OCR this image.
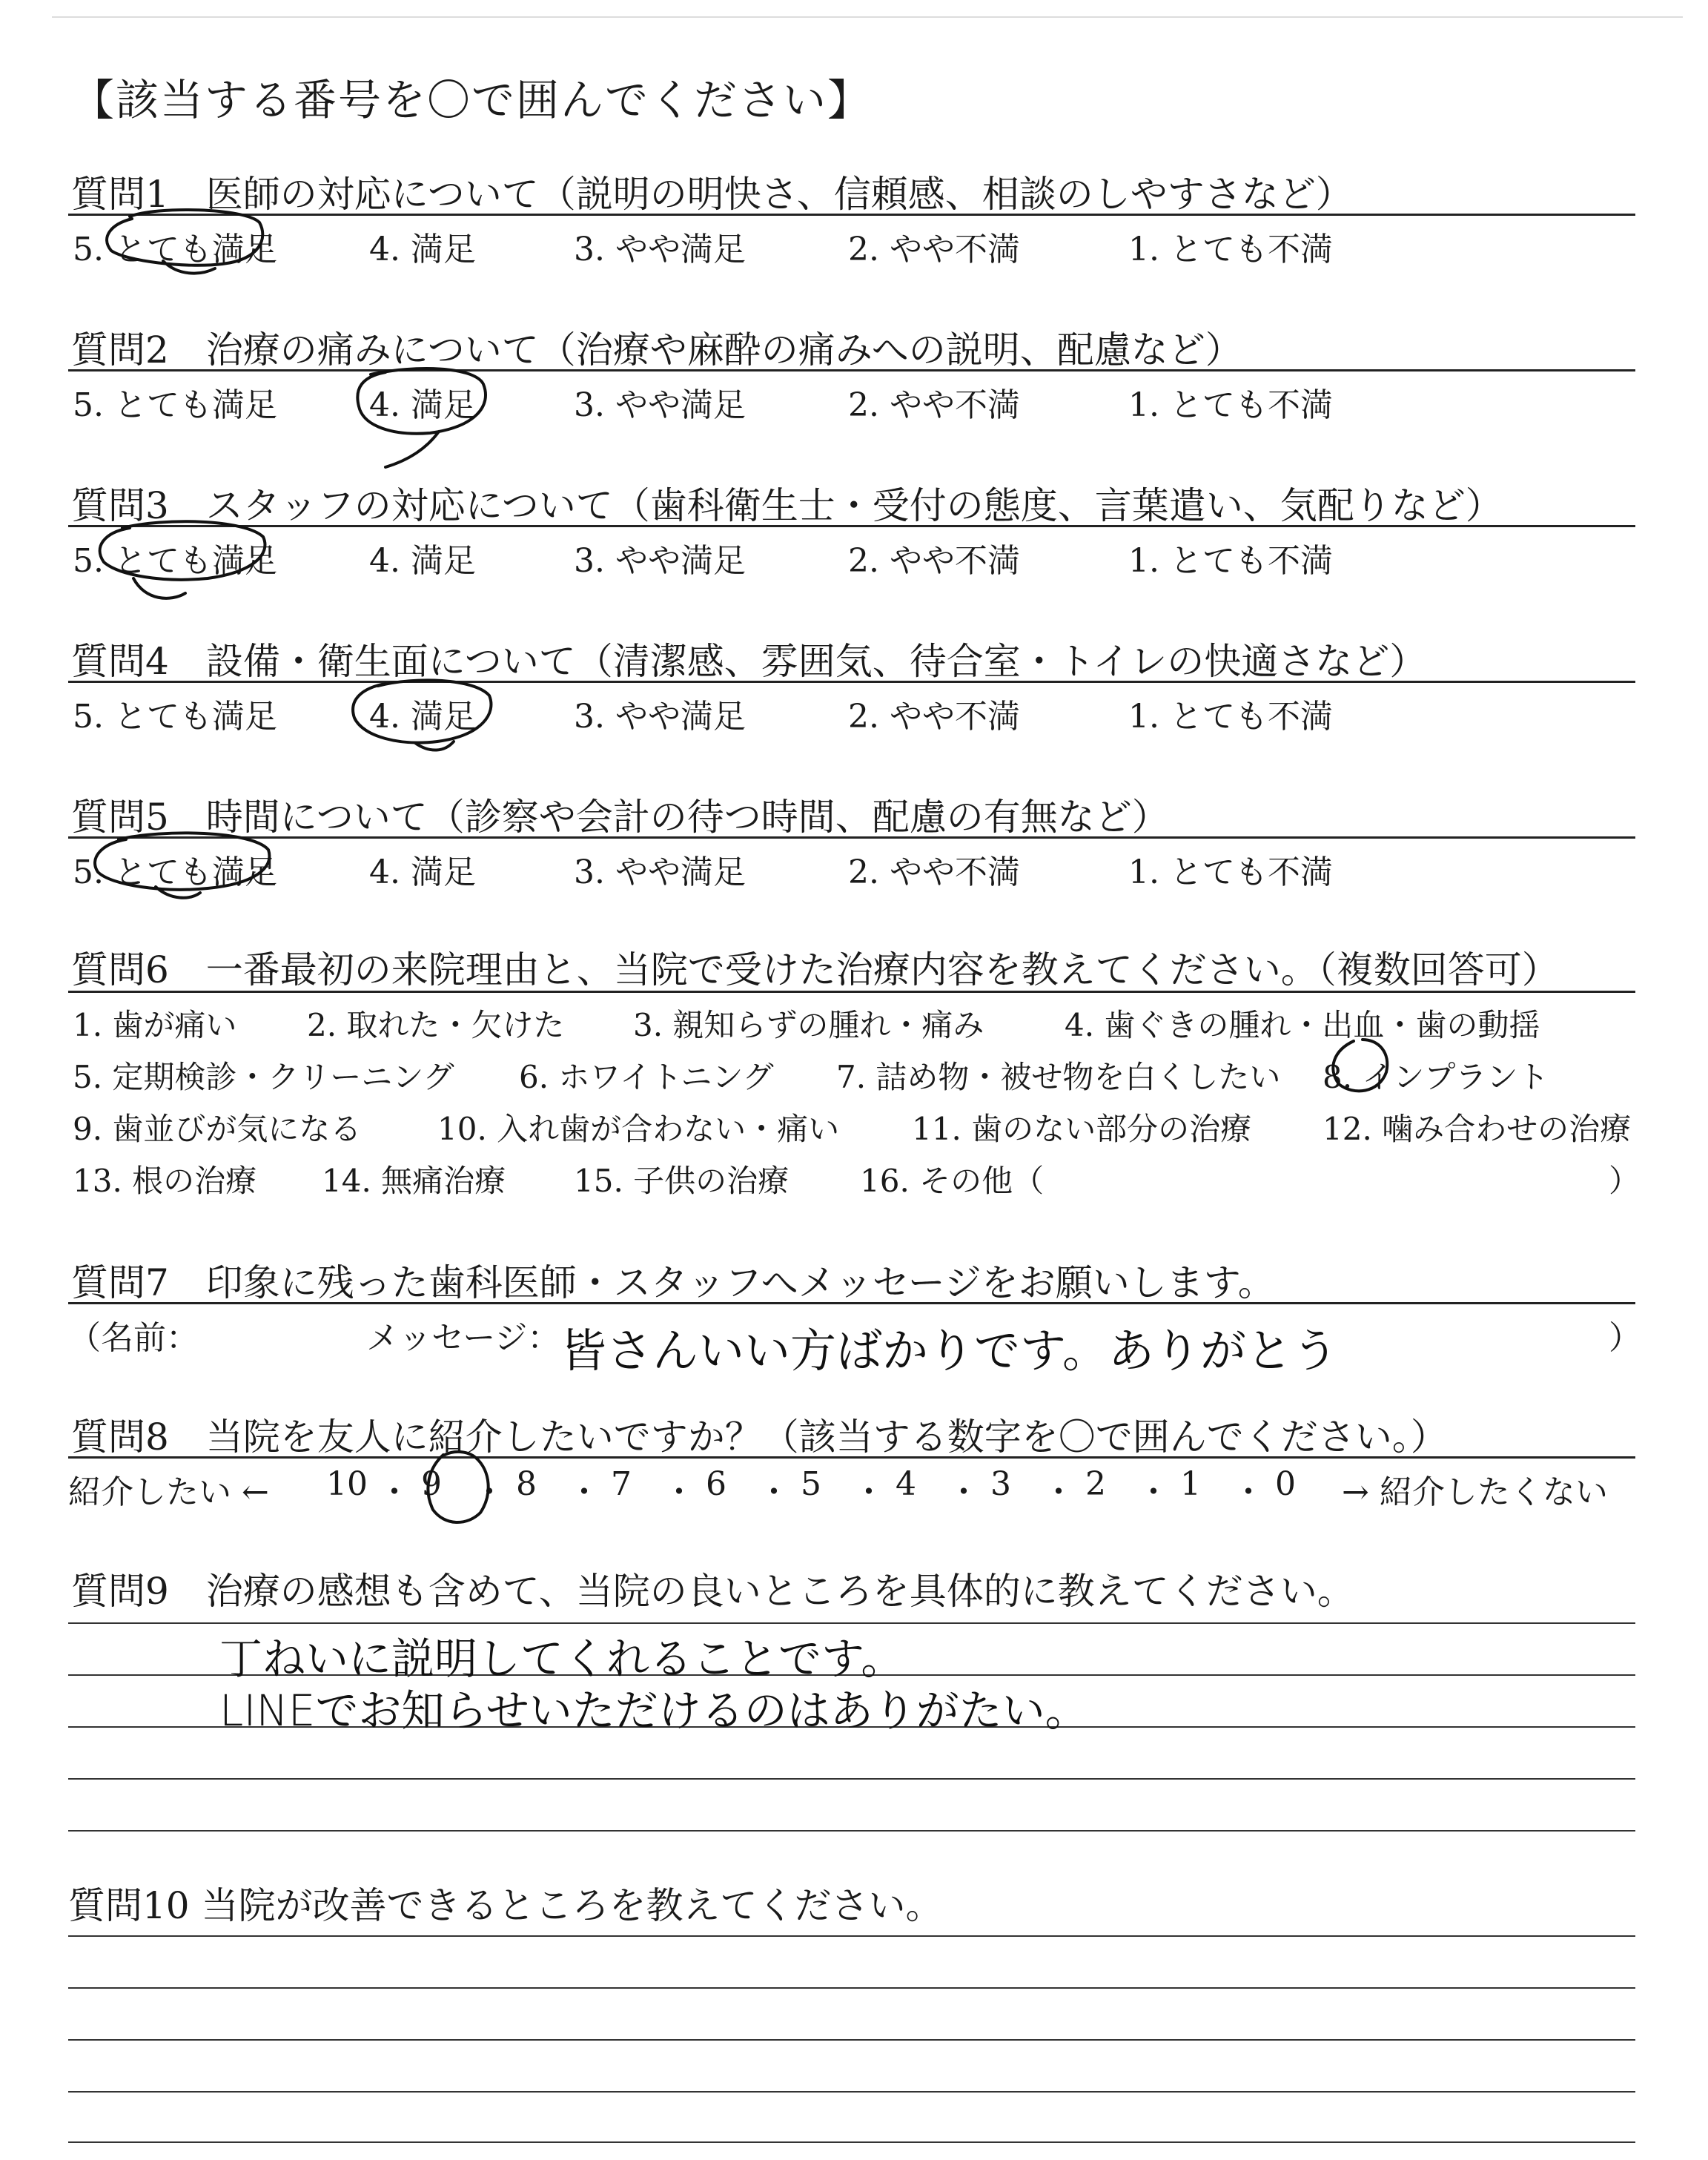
【該当する番号を〇で囲んでください】
質問1　医師の対応について（説明の明快さ、信頼感、相談のしやすさなど）
5. とても満足	4. 満足	3. やや満足	2. やや不満	1. とても不満
質問2　治療の痛みについて（治療や麻酔の痛みへの説明、配慮など）
5. とても満足	4. 満足	3. やや満足	2. やや不満	1. とても不満
質問3　スタッフの対応について（歯科衛生士・受付の態度、言葉遣い、気配りなど）
5. とても満足	4. 満足	3. やや満足	2. やや不満	1. とても不満
質問4　設備・衛生面について（清潔感、雰囲気、待合室・トイレの快適さなど）
5. とても満足	4. 満足	3. やや満足	2. やや不満	1. とても不満
質問5　時間について（診察や会計の待つ時間、配慮の有無など）
5. とても満足	4. 満足	3. やや満足	2. やや不満	1. とても不満
質問6　一番最初の来院理由と、当院で受けた治療内容を教えてください。（複数回答可）
1. 歯が痛い 2. 取れた・欠けた 3. 親知らずの腫れ・痛み	4. 歯ぐきの腫れ・出血・歯の動揺
5. 定期検診・クリーニング 6. ホワイトニング 7. 詰め物・被せ物を白くしたい 8. インプラント
9. 歯並びが気になる 10. 入れ歯が合わない・痛い 11. 歯のない部分の治療 12. 噛み合わせの治療
13. 根の治療 14. 無痛治療 15. 子供の治療 16. その他（	）
質問7　印象に残った歯科医師・スタッフへメッセージをお願いします。
（名前：	メッセージ： 皆さんいい方ばかりです。ありがとう	）
質問8　当院を友人に紹介したいですか？（該当する数字を〇で囲んでください。）
紹介したい ← 10 ・ 9 ・ 8 ・ 7 ・ 6 ・ 5 ・ 4 ・ 3 ・ 2 ・ 1 ・ 0 → 紹介したくない
質問9　治療の感想も含めて、当院の良いところを具体的に教えてください。
丁ねいに説明してくれることです。
LINEでお知らせいただけるのはありがたい。
質問10 当院が改善できるところを教えてください。
